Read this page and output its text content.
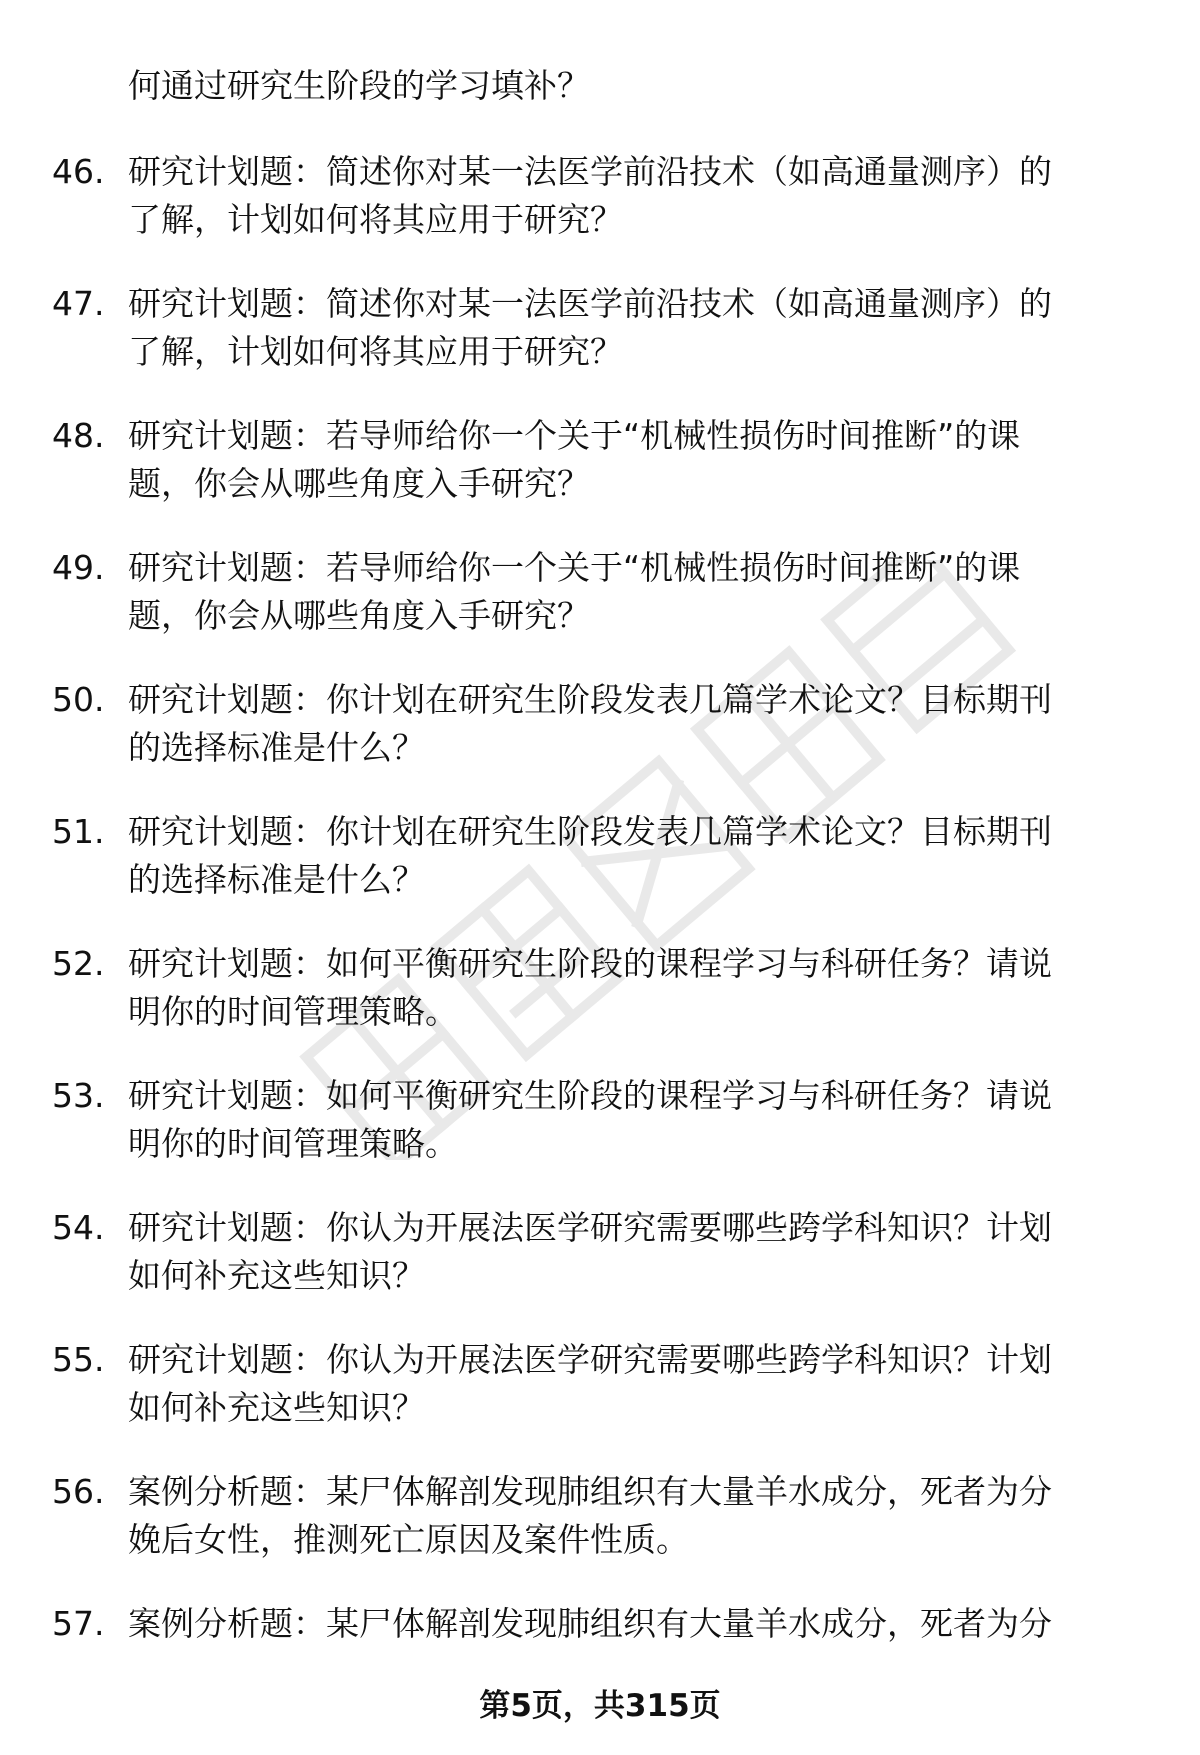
何通过研究生阶段的学习填补？
46. 研究计划题：简述你对某一法医学前沿技术（如高通量测序）的
了解，计划如何将其应用于研究？
47. 研究计划题：简述你对某一法医学前沿技术（如高通量测序）的
了解，计划如何将其应用于研究？
48. 研究计划题：若导师给你一个关于“机械性损伤时间推断”的课
题，你会从哪些角度入手研究？
49. 研究计划题：若导师给你一个关于“机械性损伤时间推断”的课
题，你会从哪些角度入手研究？
50. 研究计划题：你计划在研究生阶段发表几篇学术论文？目标期刊
的选择标准是什么？
51. 研究计划题：你计划在研究生阶段发表几篇学术论文？目标期刊
的选择标准是什么？
52. 研究计划题：如何平衡研究生阶段的课程学习与科研任务？请说
明你的时间管理策略。
53. 研究计划题：如何平衡研究生阶段的课程学习与科研任务？请说
明你的时间管理策略。
54. 研究计划题：你认为开展法医学研究需要哪些跨学科知识？计划
如何补充这些知识？
55. 研究计划题：你认为开展法医学研究需要哪些跨学科知识？计划
如何补充这些知识？
56. 案例分析题：某尸体解剖发现肺组织有大量羊水成分，死者为分
娩后女性，推测死亡原因及案件性质。
57. 案例分析题：某尸体解剖发现肺组织有大量羊水成分，死者为分
第5页，共315页
